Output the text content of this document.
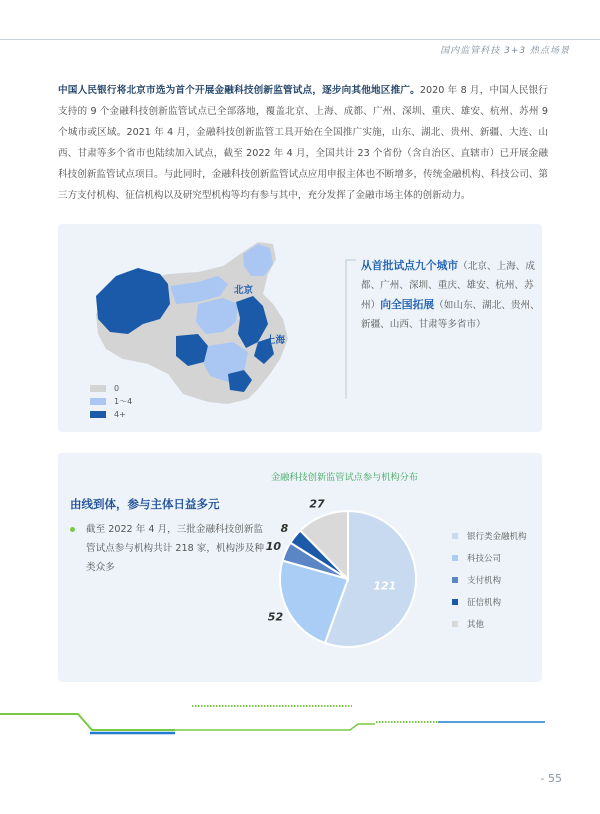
国内监管科技 3+3 热点场景
中国人民银行将北京市选为首个开展金融科技创新监管试点，逐步向其他地区推广。2020 年 8 月，中国人民银行支持的 9 个金融科技创新监管试点已全部落地，覆盖北京、上海、成都、广州、深圳、重庆、雄安、杭州、苏州 9 个城市或区域。2021 年 4 月，金融科技创新监管工具开始在全国推广实施，山东、湖北、贵州、新疆、大连、山西、甘肃等多个省市也陆续加入试点，截至 2022 年 4 月，全国共计 23 个省份（含自治区、直辖市）已开展金融科技创新监管试点项目。与此同时，金融科技创新监管试点应用申报主体也不断增多，传统金融机构、科技公司、第三方支付机构、征信机构以及研究型机构等均有参与其中，充分发挥了金融市场主体的创新动力。
北京
上海
0
1～4
4+
从首批试点九个城市（北京、上海、成都、广州、深圳、重庆、雄安、杭州、苏州）向全国拓展（如山东、湖北、贵州、新疆、山西、甘肃等多省市）
金融科技创新监管试点参与机构分布
由线到体，参与主体日益多元
截至 2022 年 4 月，三批金融科技创新监管试点参与机构共计 218 家，机构涉及种类众多
121
52
10
8
27
银行类金融机构
科技公司
支付机构
征信机构
其他
- 55
